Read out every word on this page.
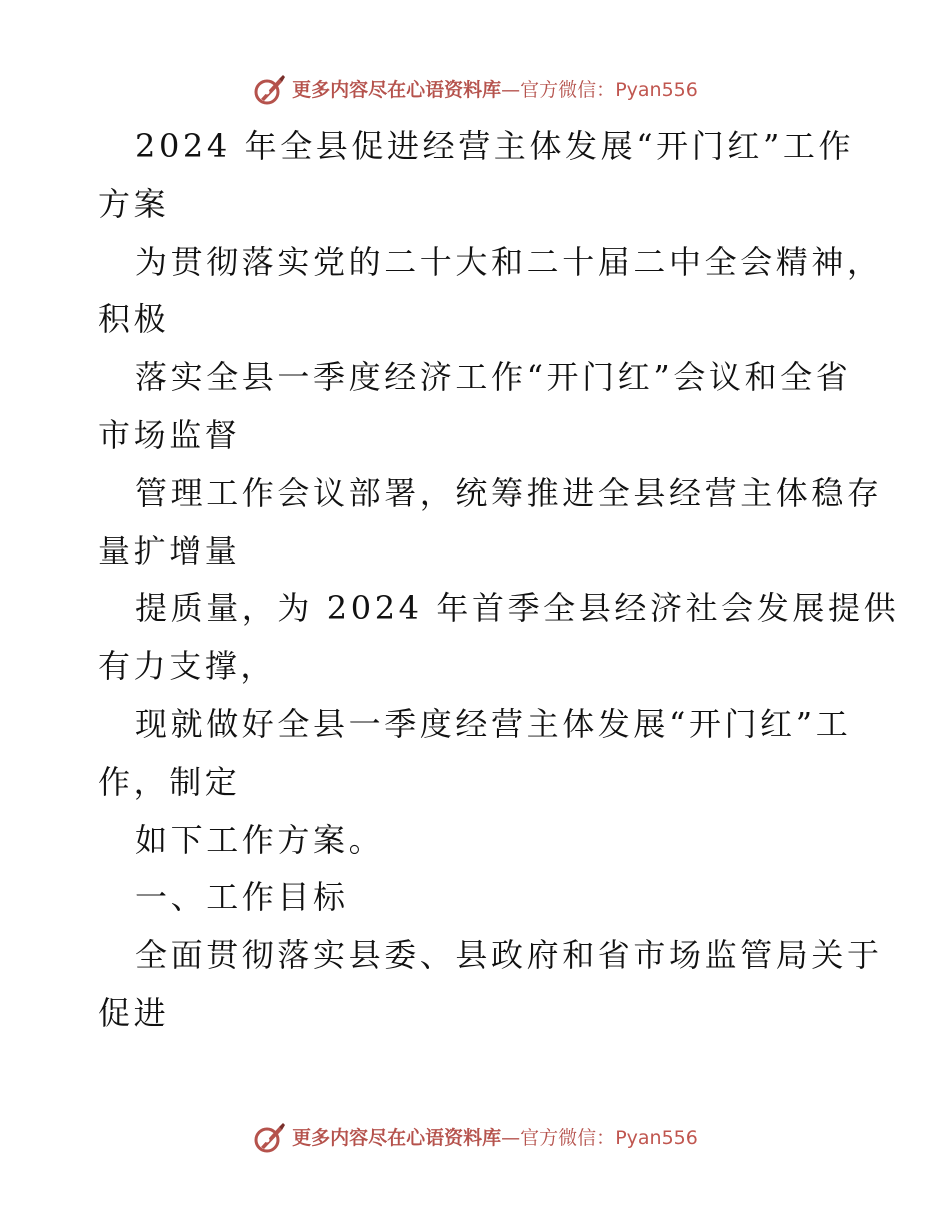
更多内容尽在心语资料库—官方微信：Pyan556
2024 年全县促进经营主体发展“开门红”工作
方案
为贯彻落实党的二十大和二十届二中全会精神，
积极
落实全县一季度经济工作“开门红”会议和全省
市场监督
管理工作会议部署，统筹推进全县经营主体稳存
量扩增量
提质量，为 2024 年首季全县经济社会发展提供
有力支撑，
现就做好全县一季度经营主体发展“开门红”工
作，制定
如下工作方案。
一、工作目标
全面贯彻落实县委、县政府和省市场监管局关于
促进
更多内容尽在心语资料库—官方微信：Pyan556
